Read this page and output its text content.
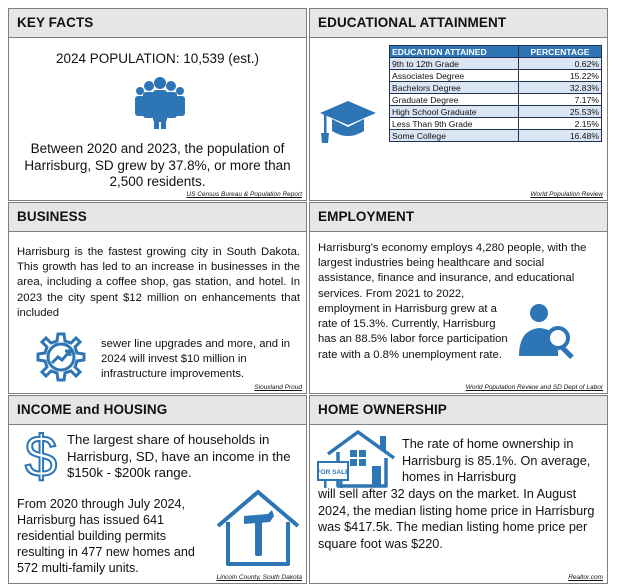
KEY FACTS
2024 POPULATION: 10,539 (est.)
Between 2020 and 2023, the population of Harrisburg, SD grew by 37.8%, or more than 2,500 residents.
US Census Bureau & Population Report
EDUCATIONAL ATTAINMENT
EDUCATION ATTAINED	PERCENTAGE
9th to 12th Grade	0.62%
Associates Degree	15.22%
Bachelors Degree	32.83%
Graduate Degree	7.17%
High School Graduate	25.53%
Less Than 9th Grade	2.15%
Some College	16.48%
World Population Review
BUSINESS
Harrisburg is the fastest growing city in South Dakota. This growth has led to an increase in businesses in the area, including a coffee shop, gas station, and hotel. In 2023 the city spent $12 million on enhancements that included
sewer line upgrades and more, and in 2024 will invest $10 million in infrastructure improvements.
Siouxland Proud
EMPLOYMENT
Harrisburg's economy employs 4,280 people, with the largest industries being healthcare and social assistance, finance and insurance, and educational services. From 2021 to 2022,
employment in Harrisburg grew at a rate of 15.3%. Currently, Harrisburg has an 88.5% labor force participation rate with a 0.8% unemployment rate.
World Population Review and SD Dept of Labor
INCOME and HOUSING
$ The largest share of households in Harrisburg, SD, have an income in the $150k - $200k range.
From 2020 through July 2024, Harrisburg has issued 641 residential building permits resulting in 477 new homes and 572 multi-family units.
Lincoln County, South Dakota
HOME OWNERSHIP
FOR SALE
The rate of home ownership in Harrisburg is 85.1%. On average, homes in Harrisburg
will sell after 32 days on the market. In August 2024, the median listing home price in Harrisburg was $417.5k. The median listing home price per square foot was $220.
Realtor.com
